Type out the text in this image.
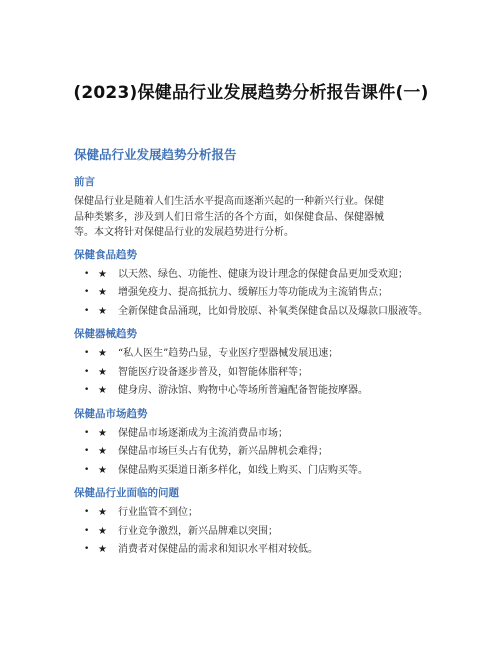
(2023)保健品行业发展趋势分析报告课件(一)
保健品行业发展趋势分析报告
前言

保健品行业是随着人们生活水平提高而逐渐兴起的一种新兴行业。保健品种类繁多，涉及到人们日常生活的各个方面，如保健食品、保健器械等。本文将针对保健品行业的发展趋势进行分析。

保健食品趋势
• ★ 以天然、绿色、功能性、健康为设计理念的保健食品更加受欢迎；
• ★ 增强免疫力、提高抵抗力、缓解压力等功能成为主流销售点；
• ★ 全新保健食品涌现，比如骨胶原、补氧类保健食品以及爆款口服液等。
保健器械趋势
• ★ “私人医生”趋势凸显，专业医疗型器械发展迅速；
• ★ 智能医疗设备逐步普及，如智能体脂秤等；
• ★ 健身房、游泳馆、购物中心等场所普遍配备智能按摩器。
保健品市场趋势
• ★ 保健品市场逐渐成为主流消费品市场；
• ★ 保健品市场巨头占有优势，新兴品牌机会难得；
• ★ 保健品购买渠道日渐多样化，如线上购买、门店购买等。
保健品行业面临的问题
• ★ 行业监管不到位；
• ★ 行业竞争激烈，新兴品牌难以突围；
• ★ 消费者对保健品的需求和知识水平相对较低。
